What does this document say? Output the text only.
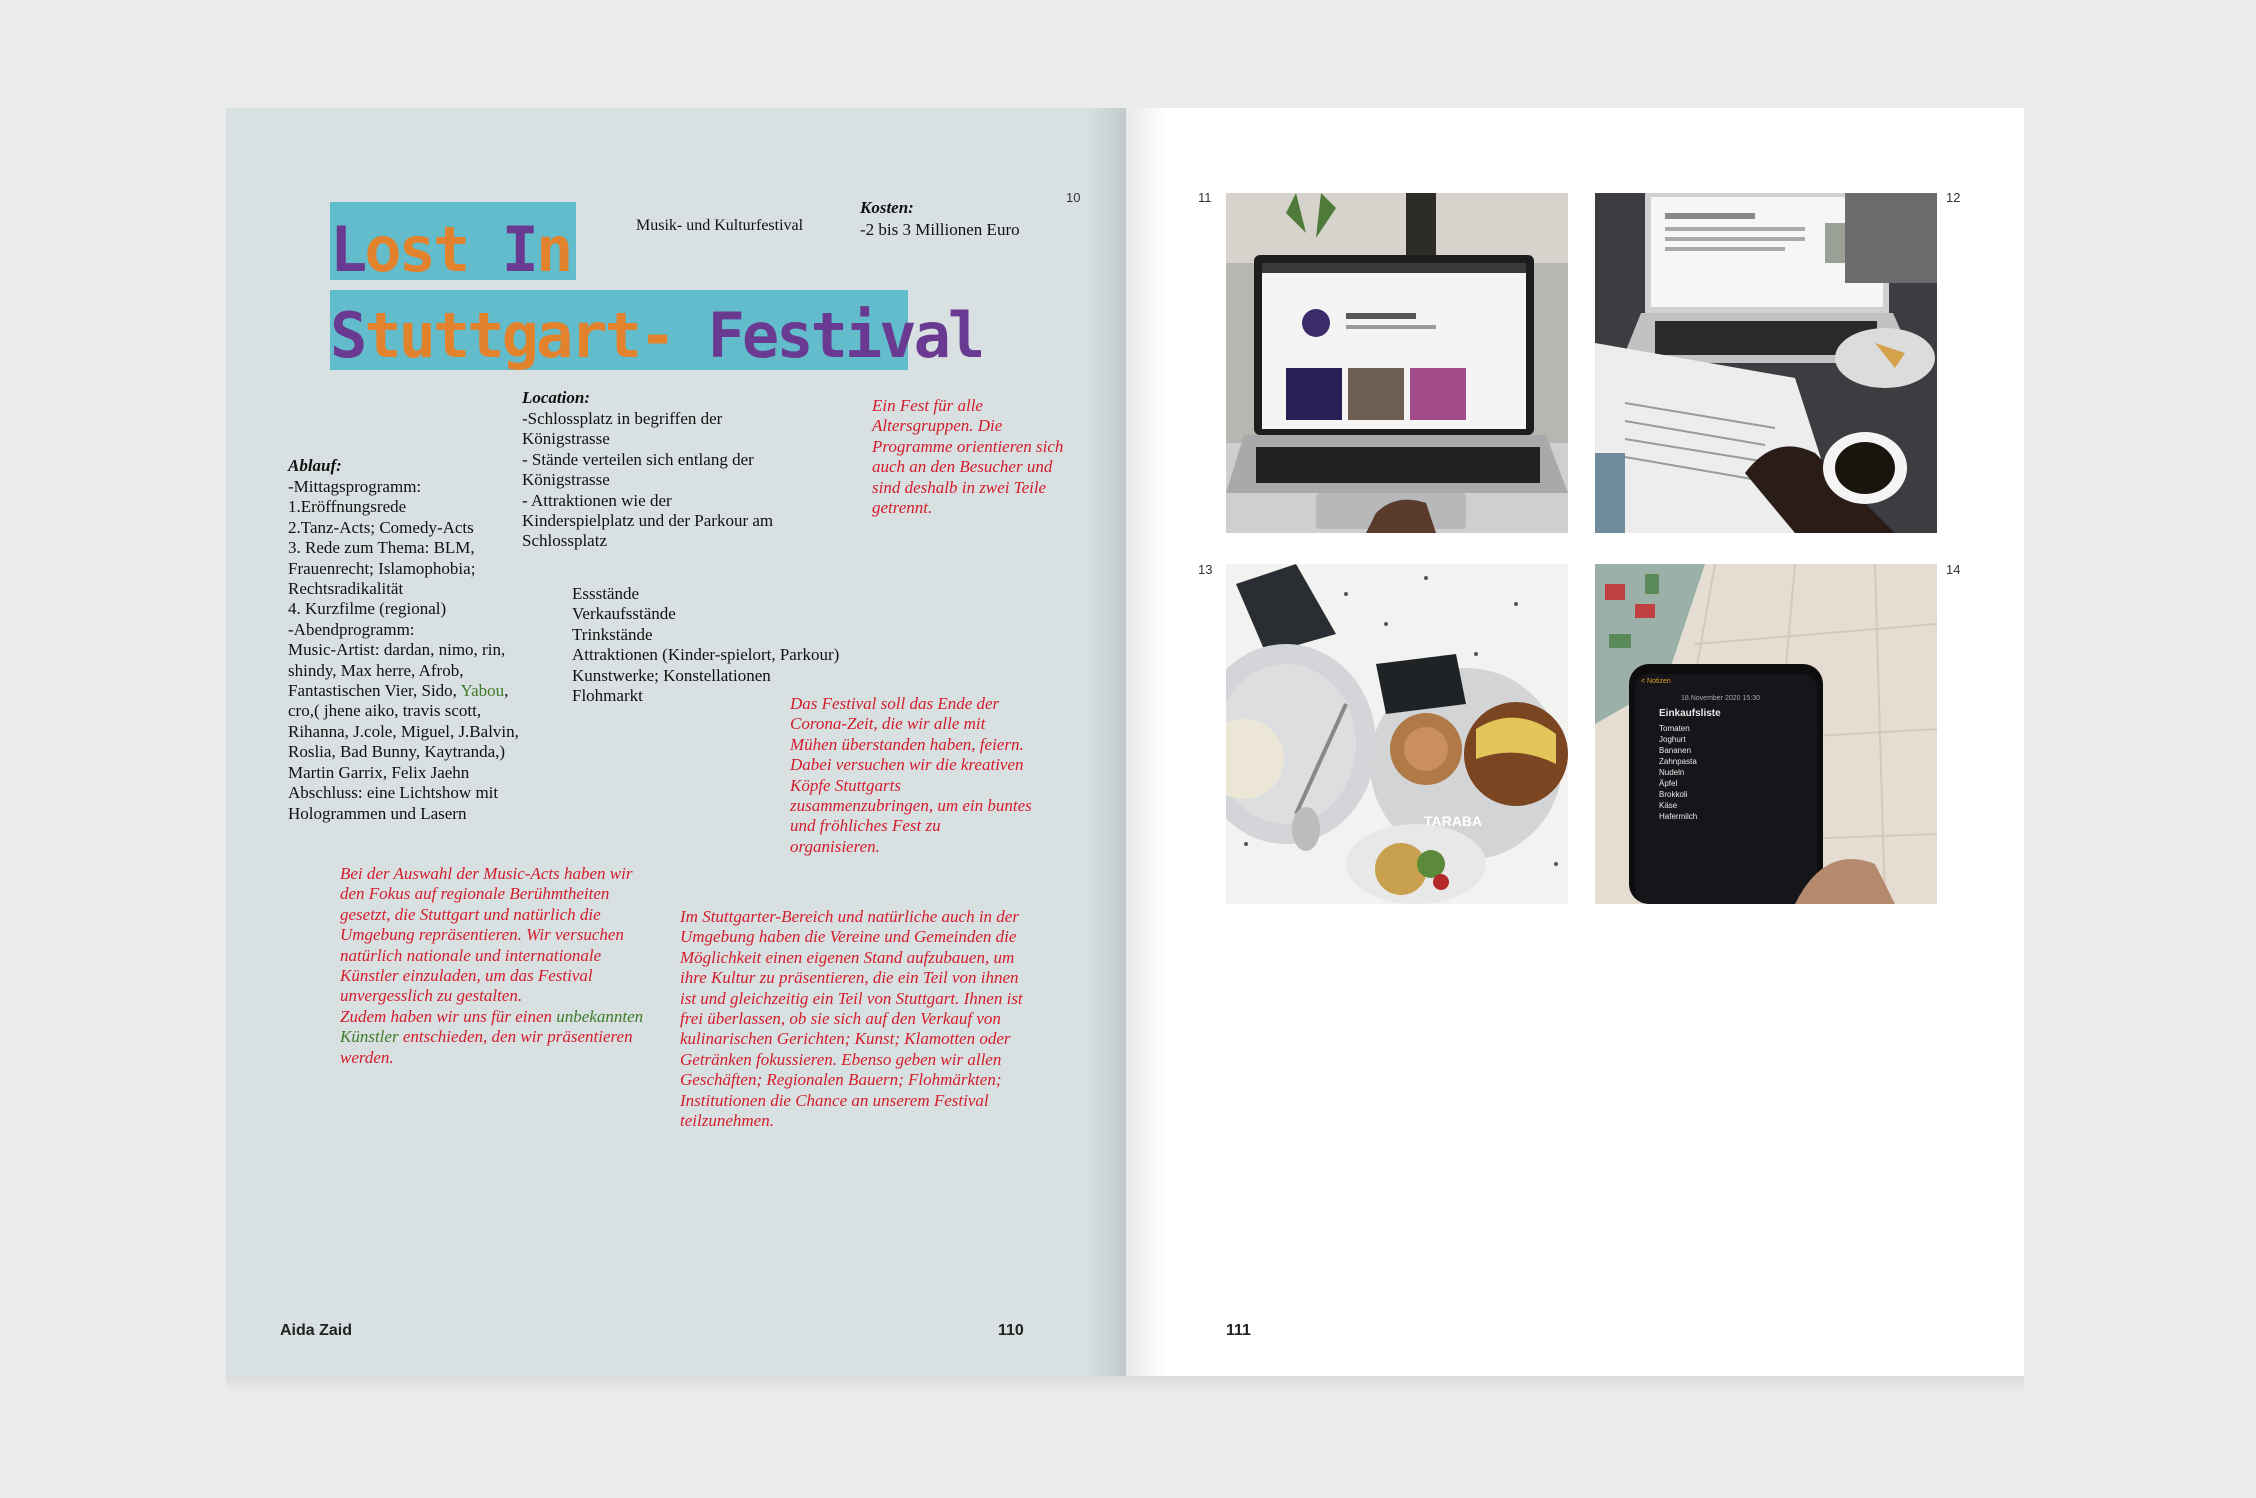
10
Lost In
Stuttgart- Festival
Musik- und Kulturfestival
Kosten:
-2 bis 3 Millionen Euro
Location:
-Schlossplatz in begriffen der
Königstrasse
- Stände verteilen sich entlang der
Königstrasse
- Attraktionen wie der
Kinderspielplatz und der Parkour am
Schlossplatz
Ablauf:
-Mittagsprogramm:
1.Eröffnungsrede
2.Tanz-Acts; Comedy-Acts
3. Rede zum Thema: BLM,
Frauenrecht; Islamophobia;
Rechtsradikalität
4. Kurzfilme (regional)
-Abendprogramm:
Music-Artist: dardan, nimo, rin,
shindy, Max herre, Afrob,
Fantastischen Vier, Sido, Yabou,
cro,( jhene aiko, travis scott,
Rihanna, J.cole, Miguel, J.Balvin,
Roslia, Bad Bunny, Kaytranda,)
Martin Garrix, Felix Jaehn
Abschluss: eine Lichtshow mit
Hologrammen und Lasern
Essstände
Verkaufsstände
Trinkstände
Attraktionen (Kinder-spielort, Parkour)
Kunstwerke; Konstellationen
Flohmarkt
Ein Fest für alle
Altersgruppen. Die
Programme orientieren sich
auch an den Besucher und
sind deshalb in zwei Teile
getrennt.
Das Festival soll das Ende der
Corona-Zeit, die wir alle mit
Mühen überstanden haben, feiern.
Dabei versuchen wir die kreativen
Köpfe Stuttgarts
zusammenzubringen, um ein buntes
und fröhliches Fest zu
organisieren.
Bei der Auswahl der Music-Acts haben wir
den Fokus auf regionale Berühmtheiten
gesetzt, die Stuttgart und natürlich die
Umgebung repräsentieren. Wir versuchen
natürlich nationale und internationale
Künstler einzuladen, um das Festival
unvergesslich zu gestalten.
Zudem haben wir uns für einen unbekannten
Künstler entschieden, den wir präsentieren
werden.
Im Stuttgarter-Bereich und natürliche auch in der
Umgebung haben die Vereine und Gemeinden die
Möglichkeit einen eigenen Stand aufzubauen, um
ihre Kultur zu präsentieren, die ein Teil von ihnen
ist und gleichzeitig ein Teil von Stuttgart. Ihnen ist
frei überlassen, ob sie sich auf den Verkauf von
kulinarischen Gerichten; Kunst; Klamotten oder
Getränken fokussieren. Ebenso geben wir allen
Geschäften; Regionalen Bauern; Flohmärkten;
Institutionen die Chance an unserem Festival
teilzunehmen.
Aida Zaid	110
11	12
13	14
TARABA
< Notizen
18.November 2020 15:30
Einkaufsliste
Tomaten
Joghurt
Bananen
Zahnpasta
Nudeln
Äpfel
Brokkoli
Käse
Hafermilch
111
